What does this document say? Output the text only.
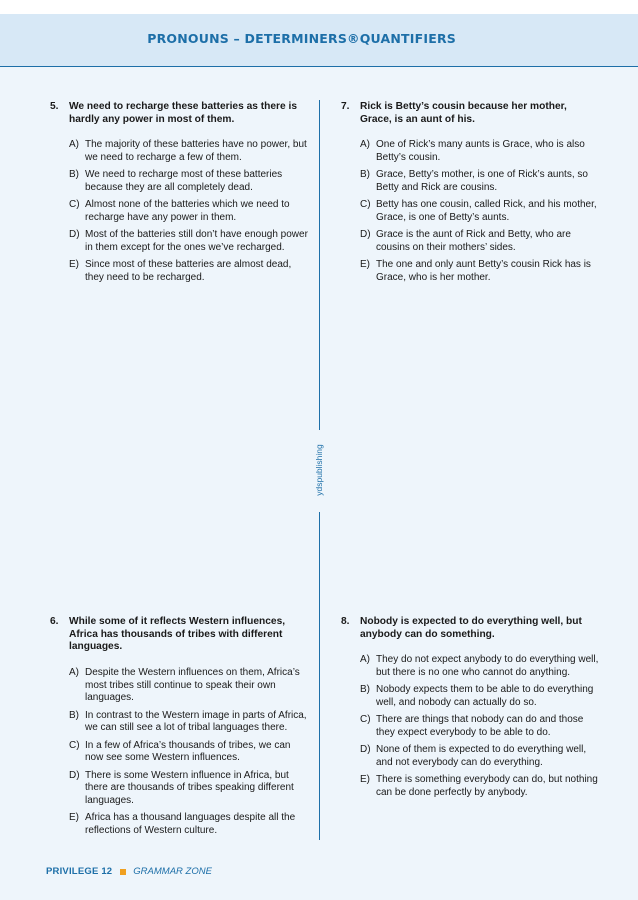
PRONOUNS – DETERMINERS®QUANTIFIERS
ydspublishing
5.	We need to recharge these batteries as there is hardly any power in most of them.
A) The majority of these batteries have no power, but we need to recharge a few of them.
B) We need to recharge most of these batteries because they are all completely dead.
C) Almost none of the batteries which we need to recharge have any power in them.
D) Most of the batteries still don’t have enough power in them except for the ones we’ve recharged.
E) Since most of these batteries are almost dead, they need to be recharged.
7.	Rick is Betty’s cousin because her mother, Grace, is an aunt of his.
A) One of Rick’s many aunts is Grace, who is also Betty’s cousin.
B) Grace, Betty’s mother, is one of Rick’s aunts, so Betty and Rick are cousins.
C) Betty has one cousin, called Rick, and his mother, Grace, is one of Betty’s aunts.
D) Grace is the aunt of Rick and Betty, who are cousins on their mothers’ sides.
E) The one and only aunt Betty’s cousin Rick has is Grace, who is her mother.
6.	While some of it reflects Western influences, Africa has thousands of tribes with different languages.
A) Despite the Western influences on them, Africa’s most tribes still continue to speak their own languages.
B) In contrast to the Western image in parts of Africa, we can still see a lot of tribal languages there.
C) In a few of Africa’s thousands of tribes, we can now see some Western influences.
D) There is some Western influence in Africa, but there are thousands of tribes speaking different languages.
E) Africa has a thousand languages despite all the reflections of Western culture.
8.	Nobody is expected to do everything well, but anybody can do something.
A) They do not expect anybody to do everything well, but there is no one who cannot do anything.
B) Nobody expects them to be able to do everything well, and nobody can actually do so.
C) There are things that nobody can do and those they expect everybody to be able to do.
D) None of them is expected to do everything well, and not everybody can do everything.
E) There is something everybody can do, but nothing can be done perfectly by anybody.
PRIVILEGE 12 GRAMMAR ZONE
